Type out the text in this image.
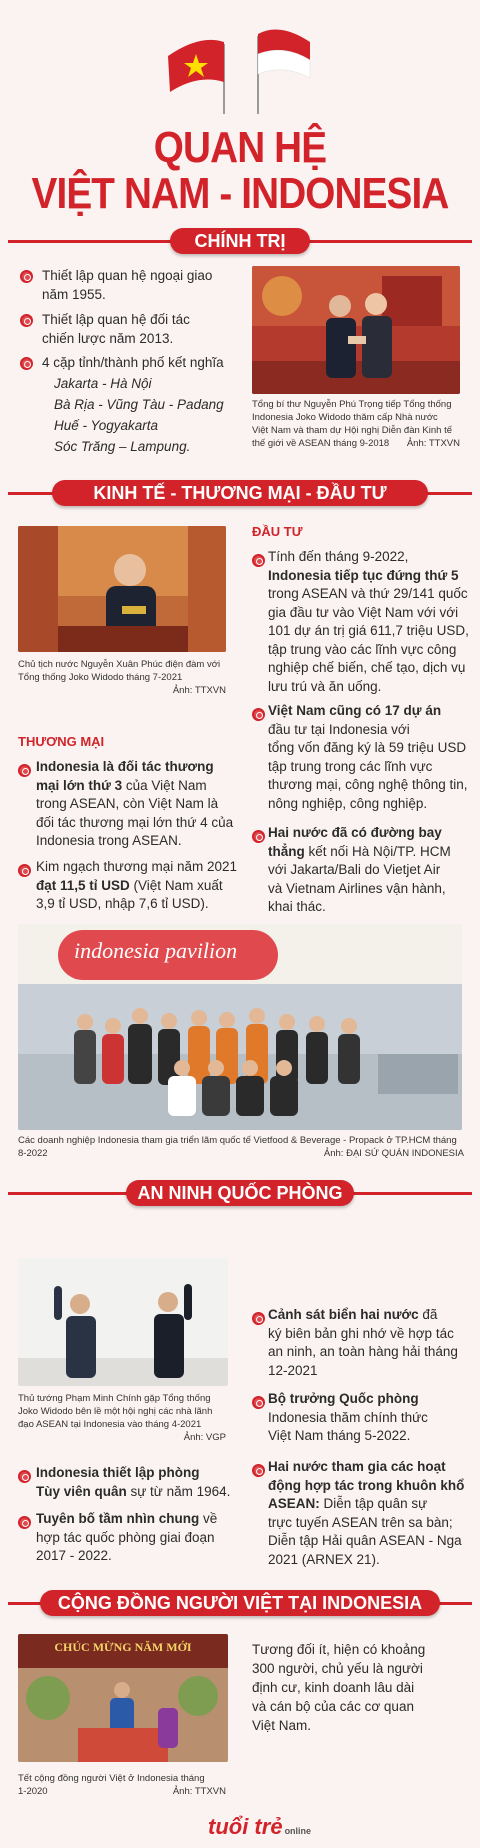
QUAN HỆ
VIỆT NAM - INDONESIA
CHÍNH TRỊ
Thiết lập quan hệ ngoại giao
năm 1955.
Thiết lập quan hệ đối tác
chiến lược năm 2013.
4 cặp tỉnh/thành phố kết nghĩa
Jakarta - Hà Nội
Bà Rịa - Vũng Tàu - Padang
Huế - Yogyakarta
Sóc Trăng – Lampung.
Tổng bí thư Nguyễn Phú Trọng tiếp Tổng thống
Indonesia Joko Widodo thăm cấp Nhà nước
Việt Nam và tham dự Hội nghị Diễn đàn Kinh tế
thế giới về ASEAN tháng 9-2018 Ảnh: TTXVN
KINH TẾ - THƯƠNG MẠI - ĐẦU TƯ
Chủ tịch nước Nguyễn Xuân Phúc điện đàm với
Tổng thống Joko Widodo tháng 7-2021
Ảnh: TTXVN
ĐẦU TƯ
Tính đến tháng 9-2022,
Indonesia tiếp tục đứng thứ 5
trong ASEAN và thứ 29/141 quốc
gia đầu tư vào Việt Nam với với
101 dự án trị giá 611,7 triệu USD,
tập trung vào các lĩnh vực công
nghiệp chế biến, chế tạo, dịch vụ
lưu trú và ăn uống.
Việt Nam cũng có 17 dự án
đầu tư tại Indonesia với
tổng vốn đăng ký là 59 triệu USD
tập trung trong các lĩnh vực
thương mại, công nghệ thông tin,
nông nghiệp, công nghiệp.
Hai nước đã có đường bay
thẳng kết nối Hà Nội/TP. HCM
với Jakarta/Bali do Vietjet Air
và Vietnam Airlines vận hành,
khai thác.
THƯƠNG MẠI
Indonesia là đối tác thương
mại lớn thứ 3 của Việt Nam
trong ASEAN, còn Việt Nam là
đối tác thương mại lớn thứ 4 của
Indonesia trong ASEAN.
Kim ngạch thương mại năm 2021
đạt 11,5 tỉ USD (Việt Nam xuất
3,9 tỉ USD, nhập 7,6 tỉ USD).
indonesia pavilion
Các doanh nghiệp Indonesia tham gia triển lãm quốc tế Vietfood & Beverage - Propack ở TP.HCM tháng
8-2022	Ảnh: ĐẠI SỨ QUÁN INDONESIA
AN NINH QUỐC PHÒNG
Thủ tướng Phạm Minh Chính gặp Tổng thống
Joko Widodo bên lề một hội nghị các nhà lãnh
đạo ASEAN tại Indonesia vào tháng 4-2021
Ảnh: VGP
Cảnh sát biển hai nước đã
ký biên bản ghi nhớ về hợp tác
an ninh, an toàn hàng hải tháng
12-2021
Bộ trưởng Quốc phòng
Indonesia thăm chính thức
Việt Nam tháng 5-2022.
Hai nước tham gia các hoạt
động hợp tác trong khuôn khổ
ASEAN: Diễn tập quân sự
trực tuyến ASEAN trên sa bàn;
Diễn tập Hải quân ASEAN - Nga
2021 (ARNEX 21).
Indonesia thiết lập phòng
Tùy viên quân sự từ năm 1964.
Tuyên bố tầm nhìn chung về
hợp tác quốc phòng giai đoạn
2017 - 2022.
CỘNG ĐỒNG NGƯỜI VIỆT TẠI INDONESIA
CHÚC MỪNG NĂM MỚI
Tết cộng đồng người Việt ở Indonesia tháng
1-2020	Ảnh: TTXVN
Tương đối ít, hiện có khoảng
300 người, chủ yếu là người
định cư, kinh doanh lâu dài
và cán bộ của các cơ quan
Việt Nam.
tuổi trẻ online
